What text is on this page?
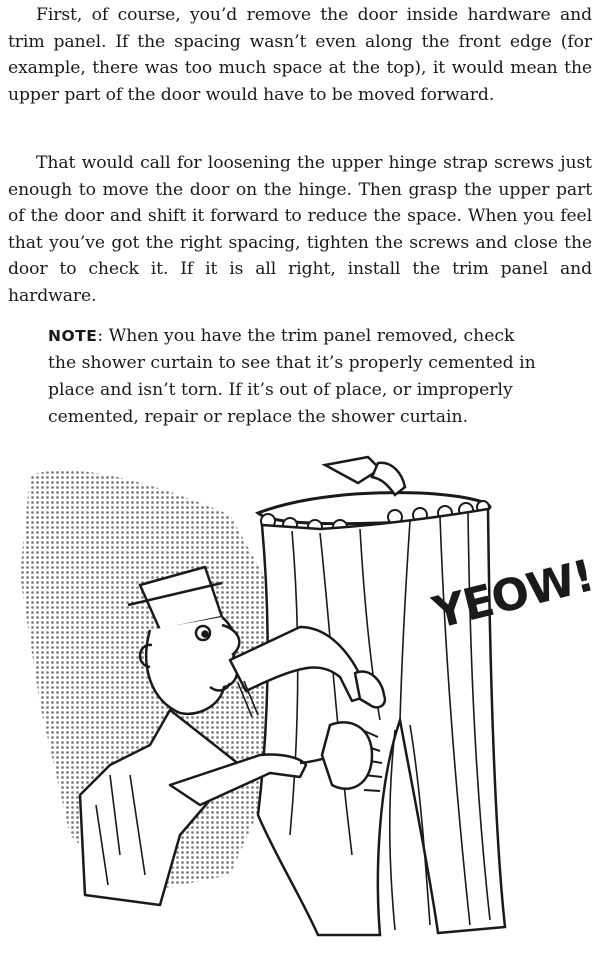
First, of course, you’d remove the door inside hardware and trim panel. If the spacing wasn’t even along the front edge (for example, there was too much space at the top), it would mean the upper part of the door would have to be moved forward.

That would call for loosening the upper hinge strap screws just enough to move the door on the hinge. Then grasp the upper part of the door and shift it forward to reduce the space. When you feel that you’ve got the right spacing, tighten the screws and close the door to check it. If it is all right, install the trim panel and hardware.

NOTE: When you have the trim panel removed, check the shower curtain to see that it’s properly cemented in place and isn’t torn. If it’s out of place, or improperly cemented, repair or replace the shower curtain.

YEOW!
